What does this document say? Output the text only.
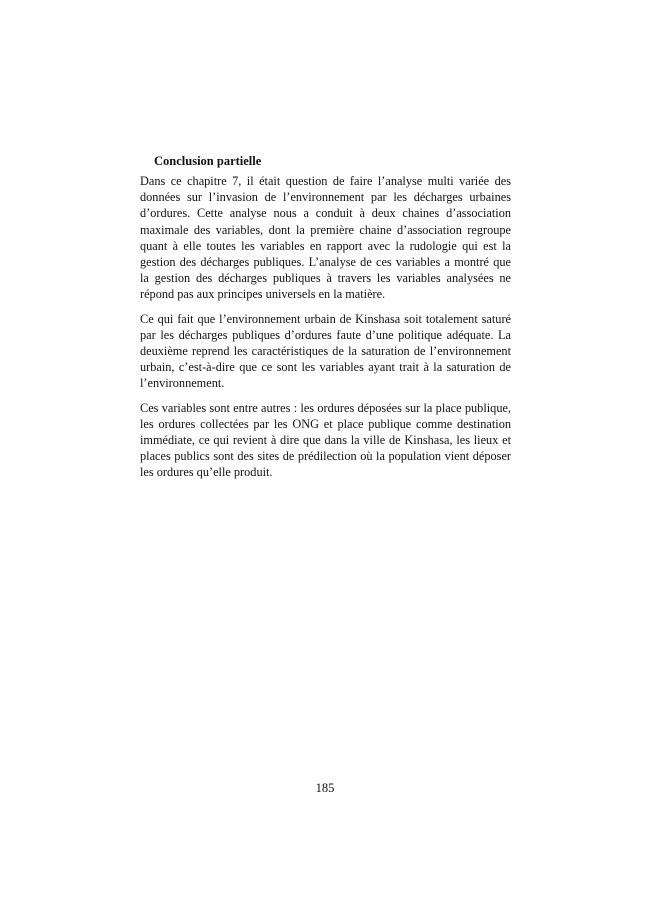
Conclusion partielle

Dans ce chapitre 7, il était question de faire l’analyse multi variée des données sur l’invasion de l’environnement par les décharges urbaines d’ordures. Cette analyse nous a conduit à deux chaines d’association maximale des variables, dont la première chaine d’association regroupe quant à elle toutes les variables en rapport avec la rudologie qui est la gestion des décharges publiques. L’analyse de ces variables a montré que la gestion des décharges publiques à travers les variables analysées ne répond pas aux principes universels en la matière.

Ce qui fait que l’environnement urbain de Kinshasa soit totalement saturé par les décharges publiques d’ordures faute d’une politique adéquate. La deuxième reprend les caractéristiques de la saturation de l’environnement urbain, c’est-à-dire que ce sont les variables ayant trait à la saturation de l’environnement.

Ces variables sont entre autres : les ordures déposées sur la place publique, les ordures collectées par les ONG et place publique comme destination immédiate, ce qui revient à dire que dans la ville de Kinshasa, les lieux et places publics sont des sites de prédilection où la population vient déposer les ordures qu’elle produit.

185
